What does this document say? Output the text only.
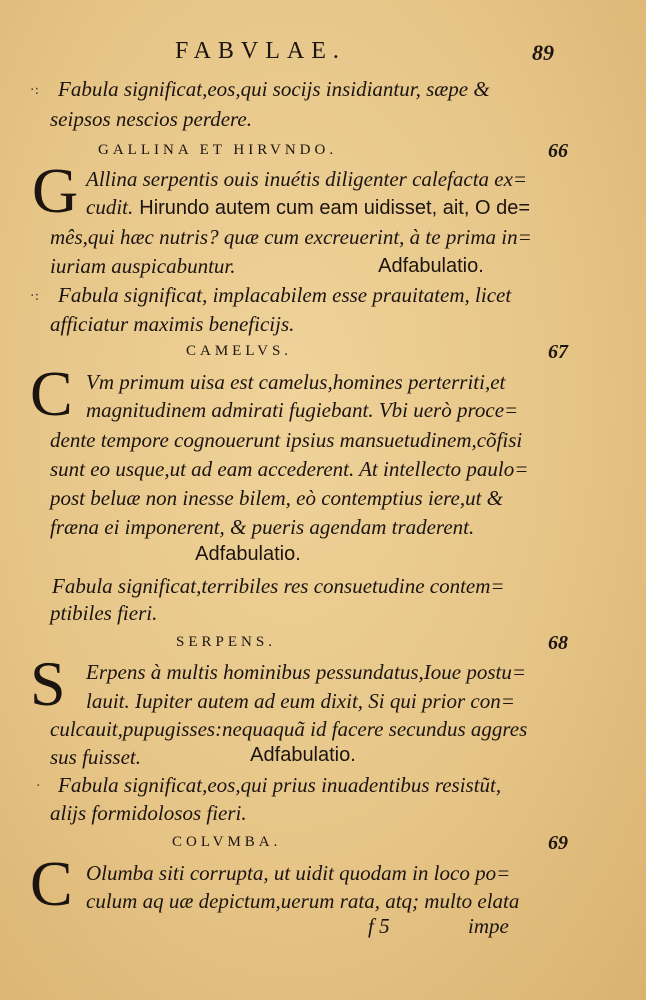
FABVLAE.	89
·: Fabula significat,eos,qui socijs insidiantur, sæpe &
seipsos nescios perdere.
GALLINA ET HIRVNDO.	66
G Allina serpentis ouis inuétis diligenter calefacta ex=
cudit. Hirundo autem cum eam uidisset, ait, O de=
mês,qui hæc nutris? quæ cum excreuerint, à te prima in=
iuriam auspicabuntur.	Adfabulatio.
·: Fabula significat, implacabilem esse prauitatem, licet
afficiatur maximis beneficijs.
CAMELVS.	67
C Vm primum uisa est camelus,homines perterriti,et
magnitudinem admirati fugiebant. Vbi uerò proce=
dente tempore cognouerunt ipsius mansuetudinem,cõfisi
sunt eo usque,ut ad eam accederent. At intellecto paulo=
post beluæ non inesse bilem, eò contemptius iere,ut &
fræna ei imponerent, & pueris agendam traderent.
Adfabulatio.
Fabula significat,terribiles res consuetudine contem=
ptibiles fieri.
SERPENS.	68
S Erpens à multis hominibus pessundatus,Ioue postu=
lauit. Iupiter autem ad eum dixit, Si qui prior con=
culcauit,pupugisses:nequaquã id facere secundus aggres
sus fuisset.	Adfabulatio.
· Fabula significat,eos,qui prius inuadentibus resistũt,
alijs formidolosos fieri.
COLVMBA.	69
C Olumba siti corrupta, ut uidit quodam in loco po=
culum aq uæ depictum,uerum rata, atq; multo elata
f 5	impe
